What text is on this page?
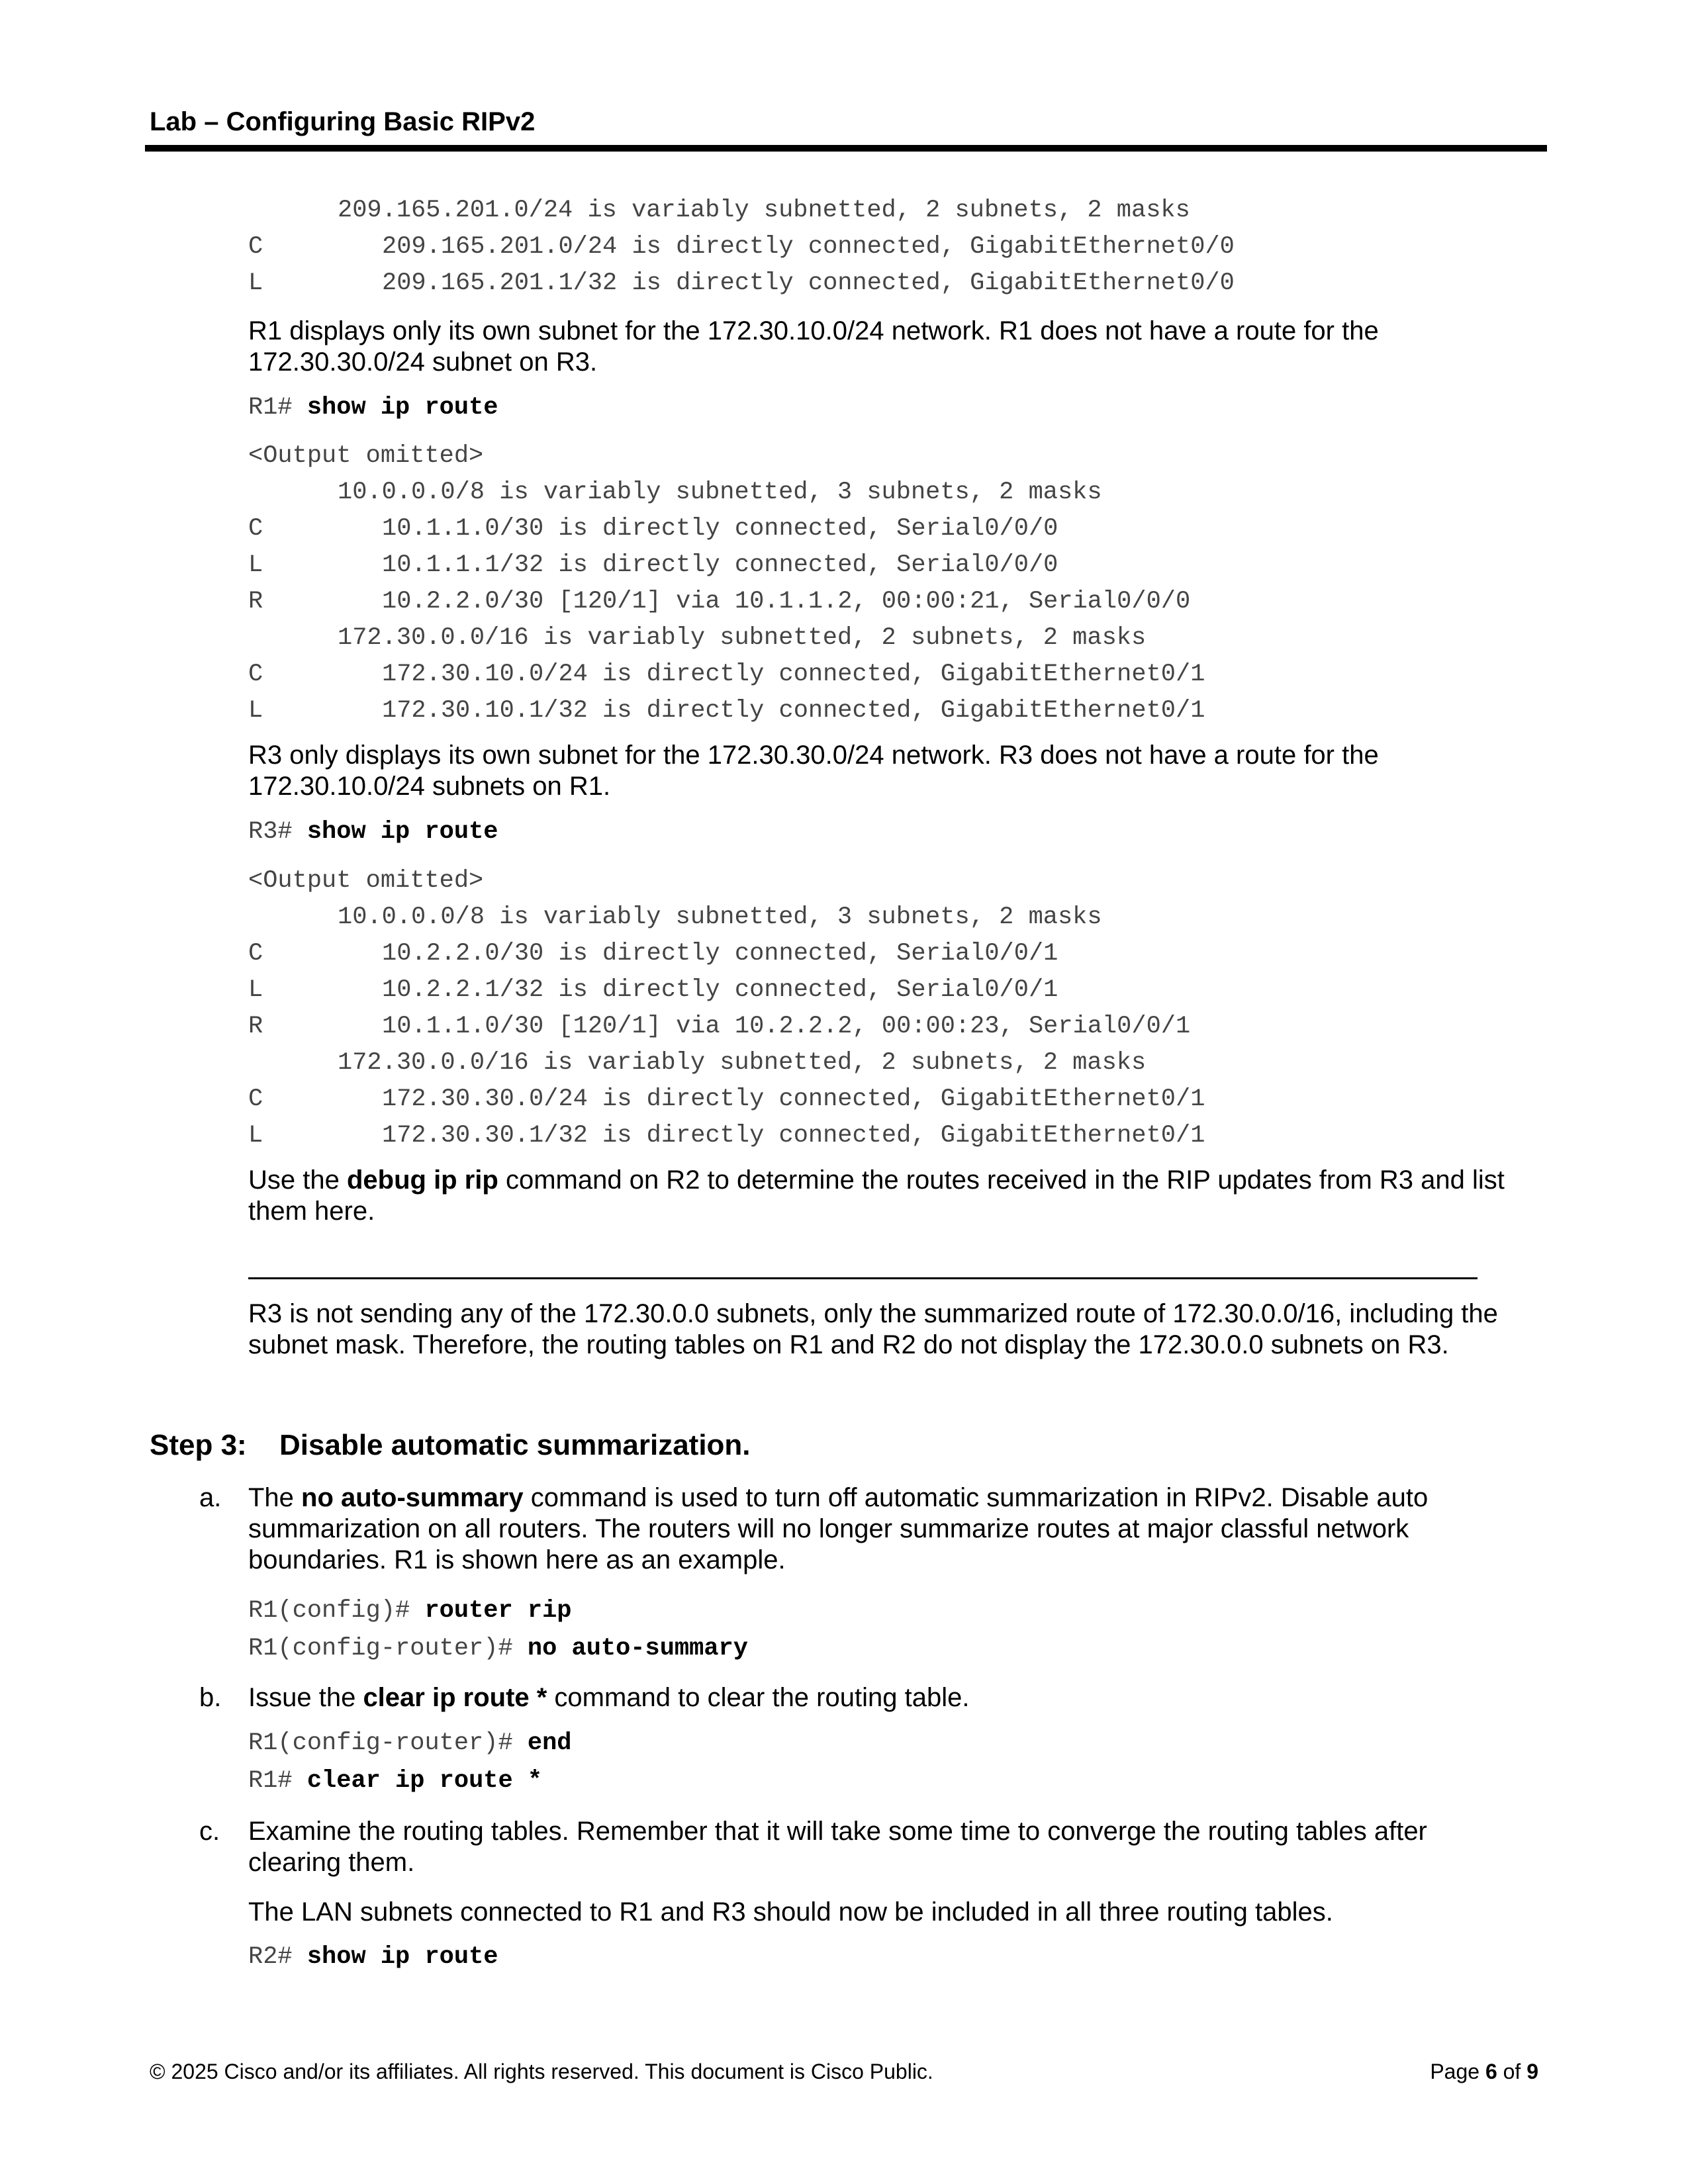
Lab – Configuring Basic RIPv2
209.165.201.0/24 is variably subnetted, 2 subnets, 2 masks
C	209.165.201.0/24 is directly connected, GigabitEthernet0/0
L	209.165.201.1/32 is directly connected, GigabitEthernet0/0
R1 displays only its own subnet for the 172.30.10.0/24 network. R1 does not have a route for the 172.30.30.0/24 subnet on R3.
R1# show ip route
<Output omitted>
10.0.0.0/8 is variably subnetted, 3 subnets, 2 masks
C	10.1.1.0/30 is directly connected, Serial0/0/0
L	10.1.1.1/32 is directly connected, Serial0/0/0
R	10.2.2.0/30 [120/1] via 10.1.1.2, 00:00:21, Serial0/0/0
172.30.0.0/16 is variably subnetted, 2 subnets, 2 masks
C	172.30.10.0/24 is directly connected, GigabitEthernet0/1
L	172.30.10.1/32 is directly connected, GigabitEthernet0/1
R3 only displays its own subnet for the 172.30.30.0/24 network. R3 does not have a route for the 172.30.10.0/24 subnets on R1.
R3# show ip route
<Output omitted>
10.0.0.0/8 is variably subnetted, 3 subnets, 2 masks
C	10.2.2.0/30 is directly connected, Serial0/0/1
L	10.2.2.1/32 is directly connected, Serial0/0/1
R	10.1.1.0/30 [120/1] via 10.2.2.2, 00:00:23, Serial0/0/1
172.30.0.0/16 is variably subnetted, 2 subnets, 2 masks
C	172.30.30.0/24 is directly connected, GigabitEthernet0/1
L	172.30.30.1/32 is directly connected, GigabitEthernet0/1
Use the debug ip rip command on R2 to determine the routes received in the RIP updates from R3 and list them here.
R3 is not sending any of the 172.30.0.0 subnets, only the summarized route of 172.30.0.0/16, including the subnet mask. Therefore, the routing tables on R1 and R2 do not display the 172.30.0.0 subnets on R3.
Step 3: Disable automatic summarization.
a. The no auto-summary command is used to turn off automatic summarization in RIPv2. Disable auto summarization on all routers. The routers will no longer summarize routes at major classful network boundaries. R1 is shown here as an example.
R1(config)# router rip
R1(config-router)# no auto-summary
b. Issue the clear ip route * command to clear the routing table.
R1(config-router)# end
R1# clear ip route *
c. Examine the routing tables. Remember that it will take some time to converge the routing tables after clearing them.
The LAN subnets connected to R1 and R3 should now be included in all three routing tables.
R2# show ip route
© 2025 Cisco and/or its affiliates. All rights reserved. This document is Cisco Public.	Page 6 of 9
